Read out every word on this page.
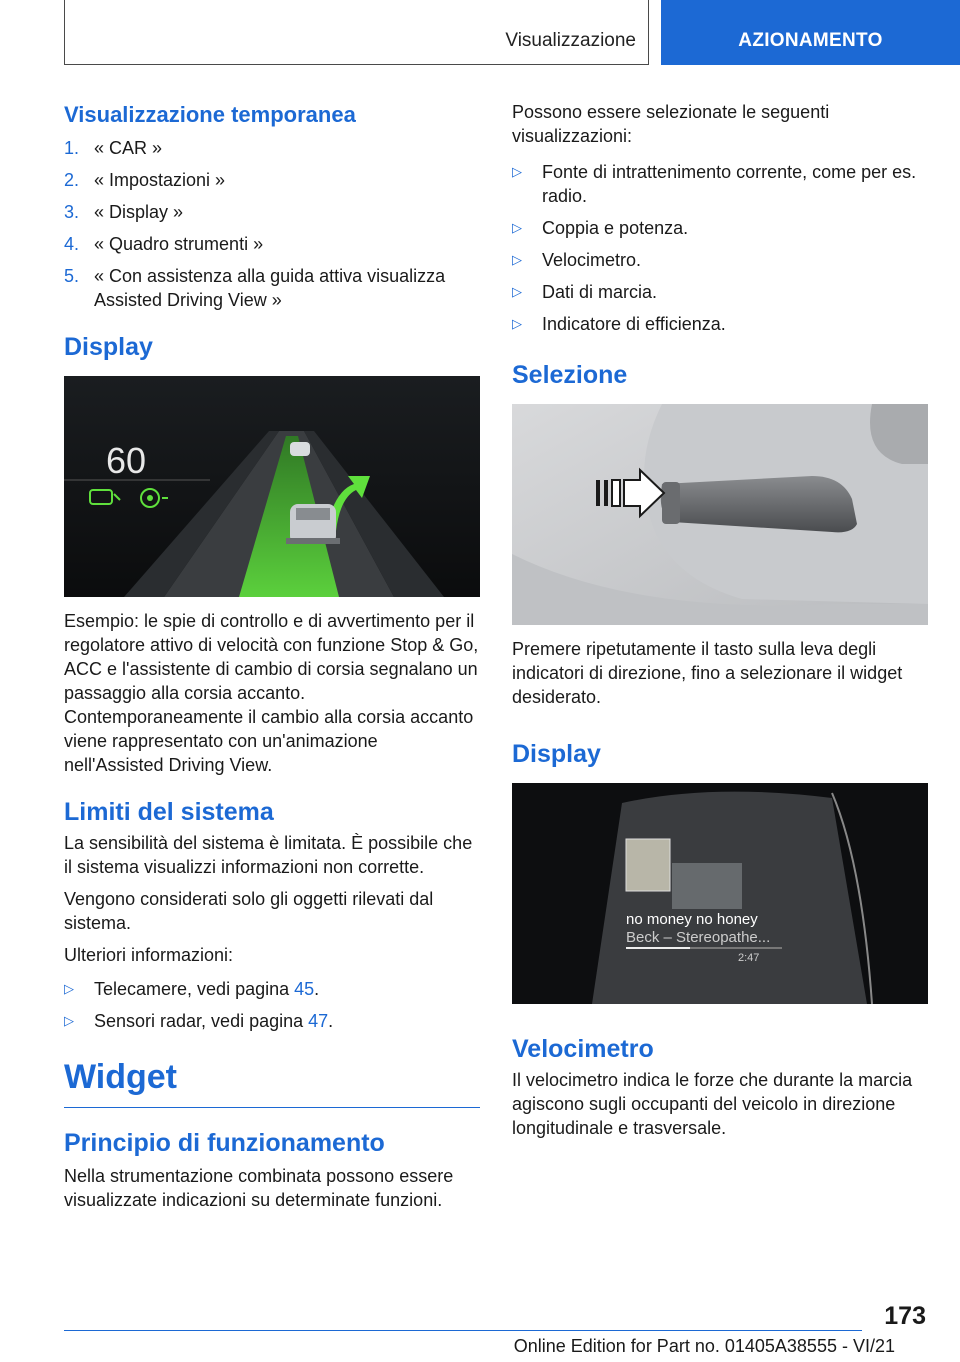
Visualizzazione	AZIONAMENTO
Visualizzazione temporanea
1. « CAR »
2. « Impostazioni »
3. « Display »
4. « Quadro strumenti »
5. « Con assistenza alla guida attiva visualizza Assisted Driving View »
Display
60

Esempio: le spie di controllo e di avvertimento per il regolatore attivo di velocità con funzione Stop & Go, ACC e l'assistente di cambio di corsia segnalano un passaggio alla corsia accanto. Contemporaneamente il cambio alla corsia accanto viene rappresentato con un'animazione nell'Assisted Driving View.

Limiti del sistema

La sensibilità del sistema è limitata. È possibile che il sistema visualizzi informazioni non corrette.

Vengono considerati solo gli oggetti rilevati dal sistema.

Ulteriori informazioni:

▷ Telecamere, vedi pagina 45.
▷ Sensori radar, vedi pagina 47.
Widget
Principio di funzionamento

Nella strumentazione combinata possono essere visualizzate indicazioni su determinate funzioni.

Possono essere selezionate le seguenti visualizzazioni:

▷ Fonte di intrattenimento corrente, come per es. radio.
▷ Coppia e potenza.
▷ Velocimetro.
▷ Dati di marcia.
▷ Indicatore di efficienza.
Selezione

Premere ripetutamente il tasto sulla leva degli indicatori di direzione, fino a selezionare il widget desiderato.

Display
no money no honey
Beck – Stereopathe...
2:47
Velocimetro

Il velocimetro indica le forze che durante la marcia agiscono sugli occupanti del veicolo in direzione longitudinale e trasversale.

173
Online Edition for Part no. 01405A38555 - VI/21
